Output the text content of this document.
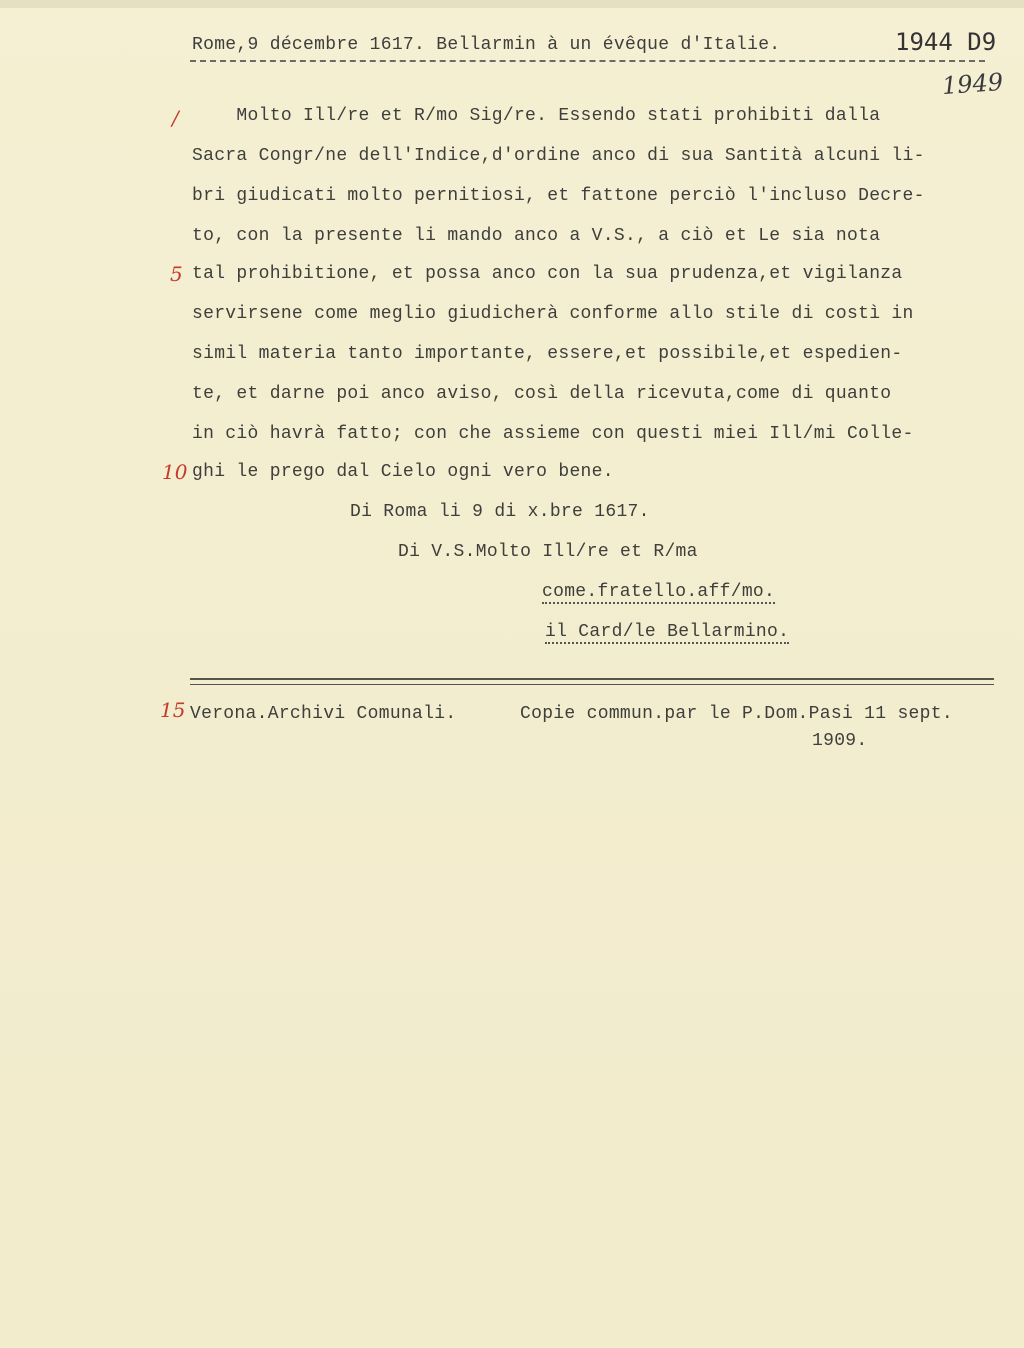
Rome,9 décembre 1617. Bellarmin à un évêque d'Italie.	1944 D9
1949
/
5
10
15
Molto Ill/re et R/mo Sig/re. Essendo stati prohibiti dalla
Sacra Congr/ne dell'Indice,d'ordine anco di sua Santità alcuni li-
bri giudicati molto pernitiosi, et fattone perciò l'incluso Decre-
to, con la presente li mando anco a V.S., a ciò et Le sia nota
tal prohibitione, et possa anco con la sua prudenza,et vigilanza
servirsene come meglio giudicherà conforme allo stile di costì in
simil materia tanto importante, essere,et possibile,et espedien-
te, et darne poi anco aviso, così della ricevuta,come di quanto
in ciò havrà fatto; con che assieme con questi miei Ill/mi Colle-
ghi le prego dal Cielo ogni vero bene.
Di Roma li 9 di x.bre 1617.
Di V.S.Molto Ill/re et R/ma
come.fratello.aff/mo.
il Card/le Bellarmino.
Verona.Archivi Comunali.	Copie commun.par le P.Dom.Pasi 11 sept.
1909.
